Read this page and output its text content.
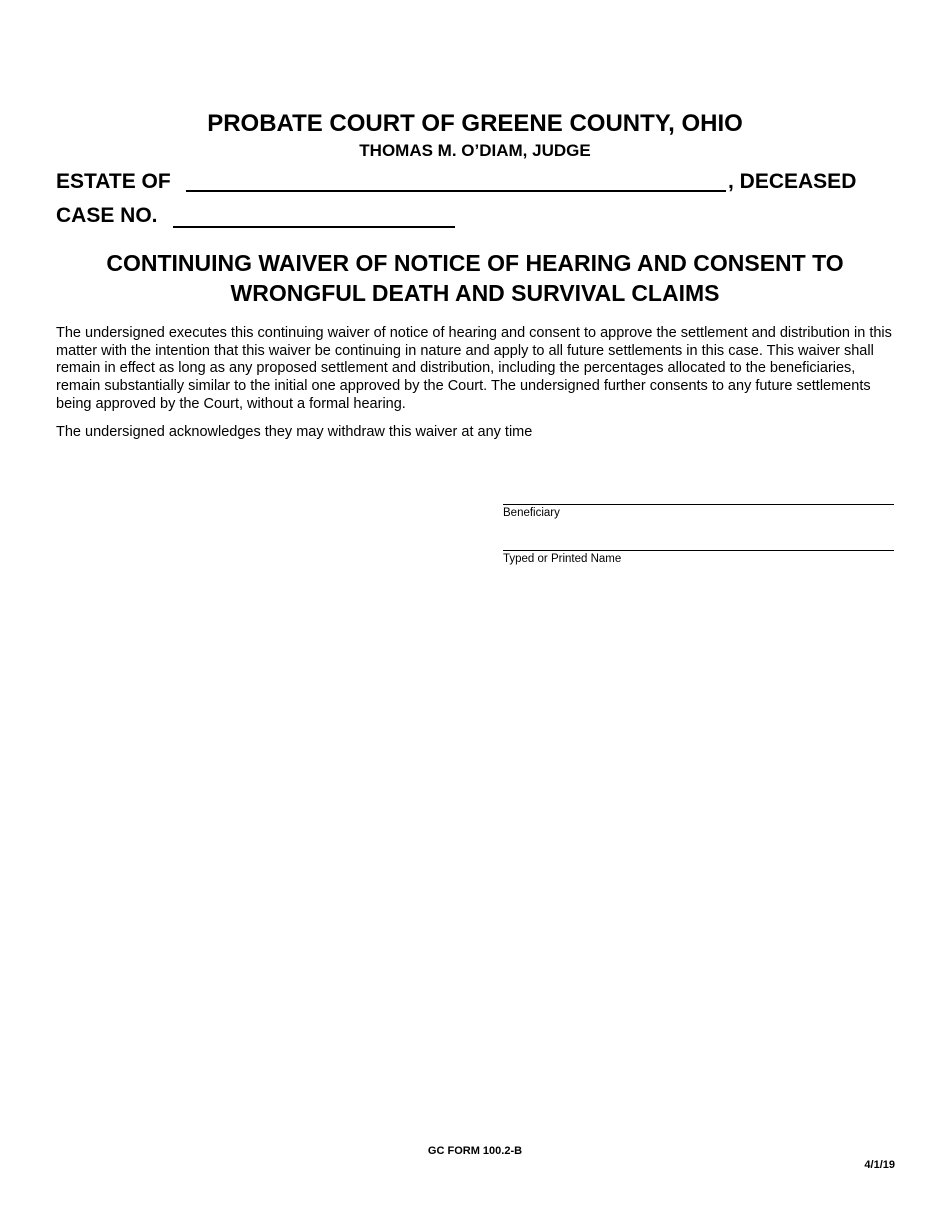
PROBATE COURT OF GREENE COUNTY, OHIO
THOMAS M. O’DIAM, JUDGE
ESTATE OF	, DECEASED
CASE NO.
CONTINUING WAIVER OF NOTICE OF HEARING AND CONSENT TO
WRONGFUL DEATH AND SURVIVAL CLAIMS

The undersigned executes this continuing waiver of notice of hearing and consent to approve the settlement and distribution in this matter with the intention that this waiver be continuing in nature and apply to all future settlements in this case. This waiver shall remain in effect as long as any proposed settlement and distribution, including the percentages allocated to the beneficiaries, remain substantially similar to the initial one approved by the Court. The undersigned further consents to any future settlements being approved by the Court, without a formal hearing.

The undersigned acknowledges they may withdraw this waiver at any time

Beneficiary
Typed or Printed Name
GC FORM 100.2-B
4/1/19
